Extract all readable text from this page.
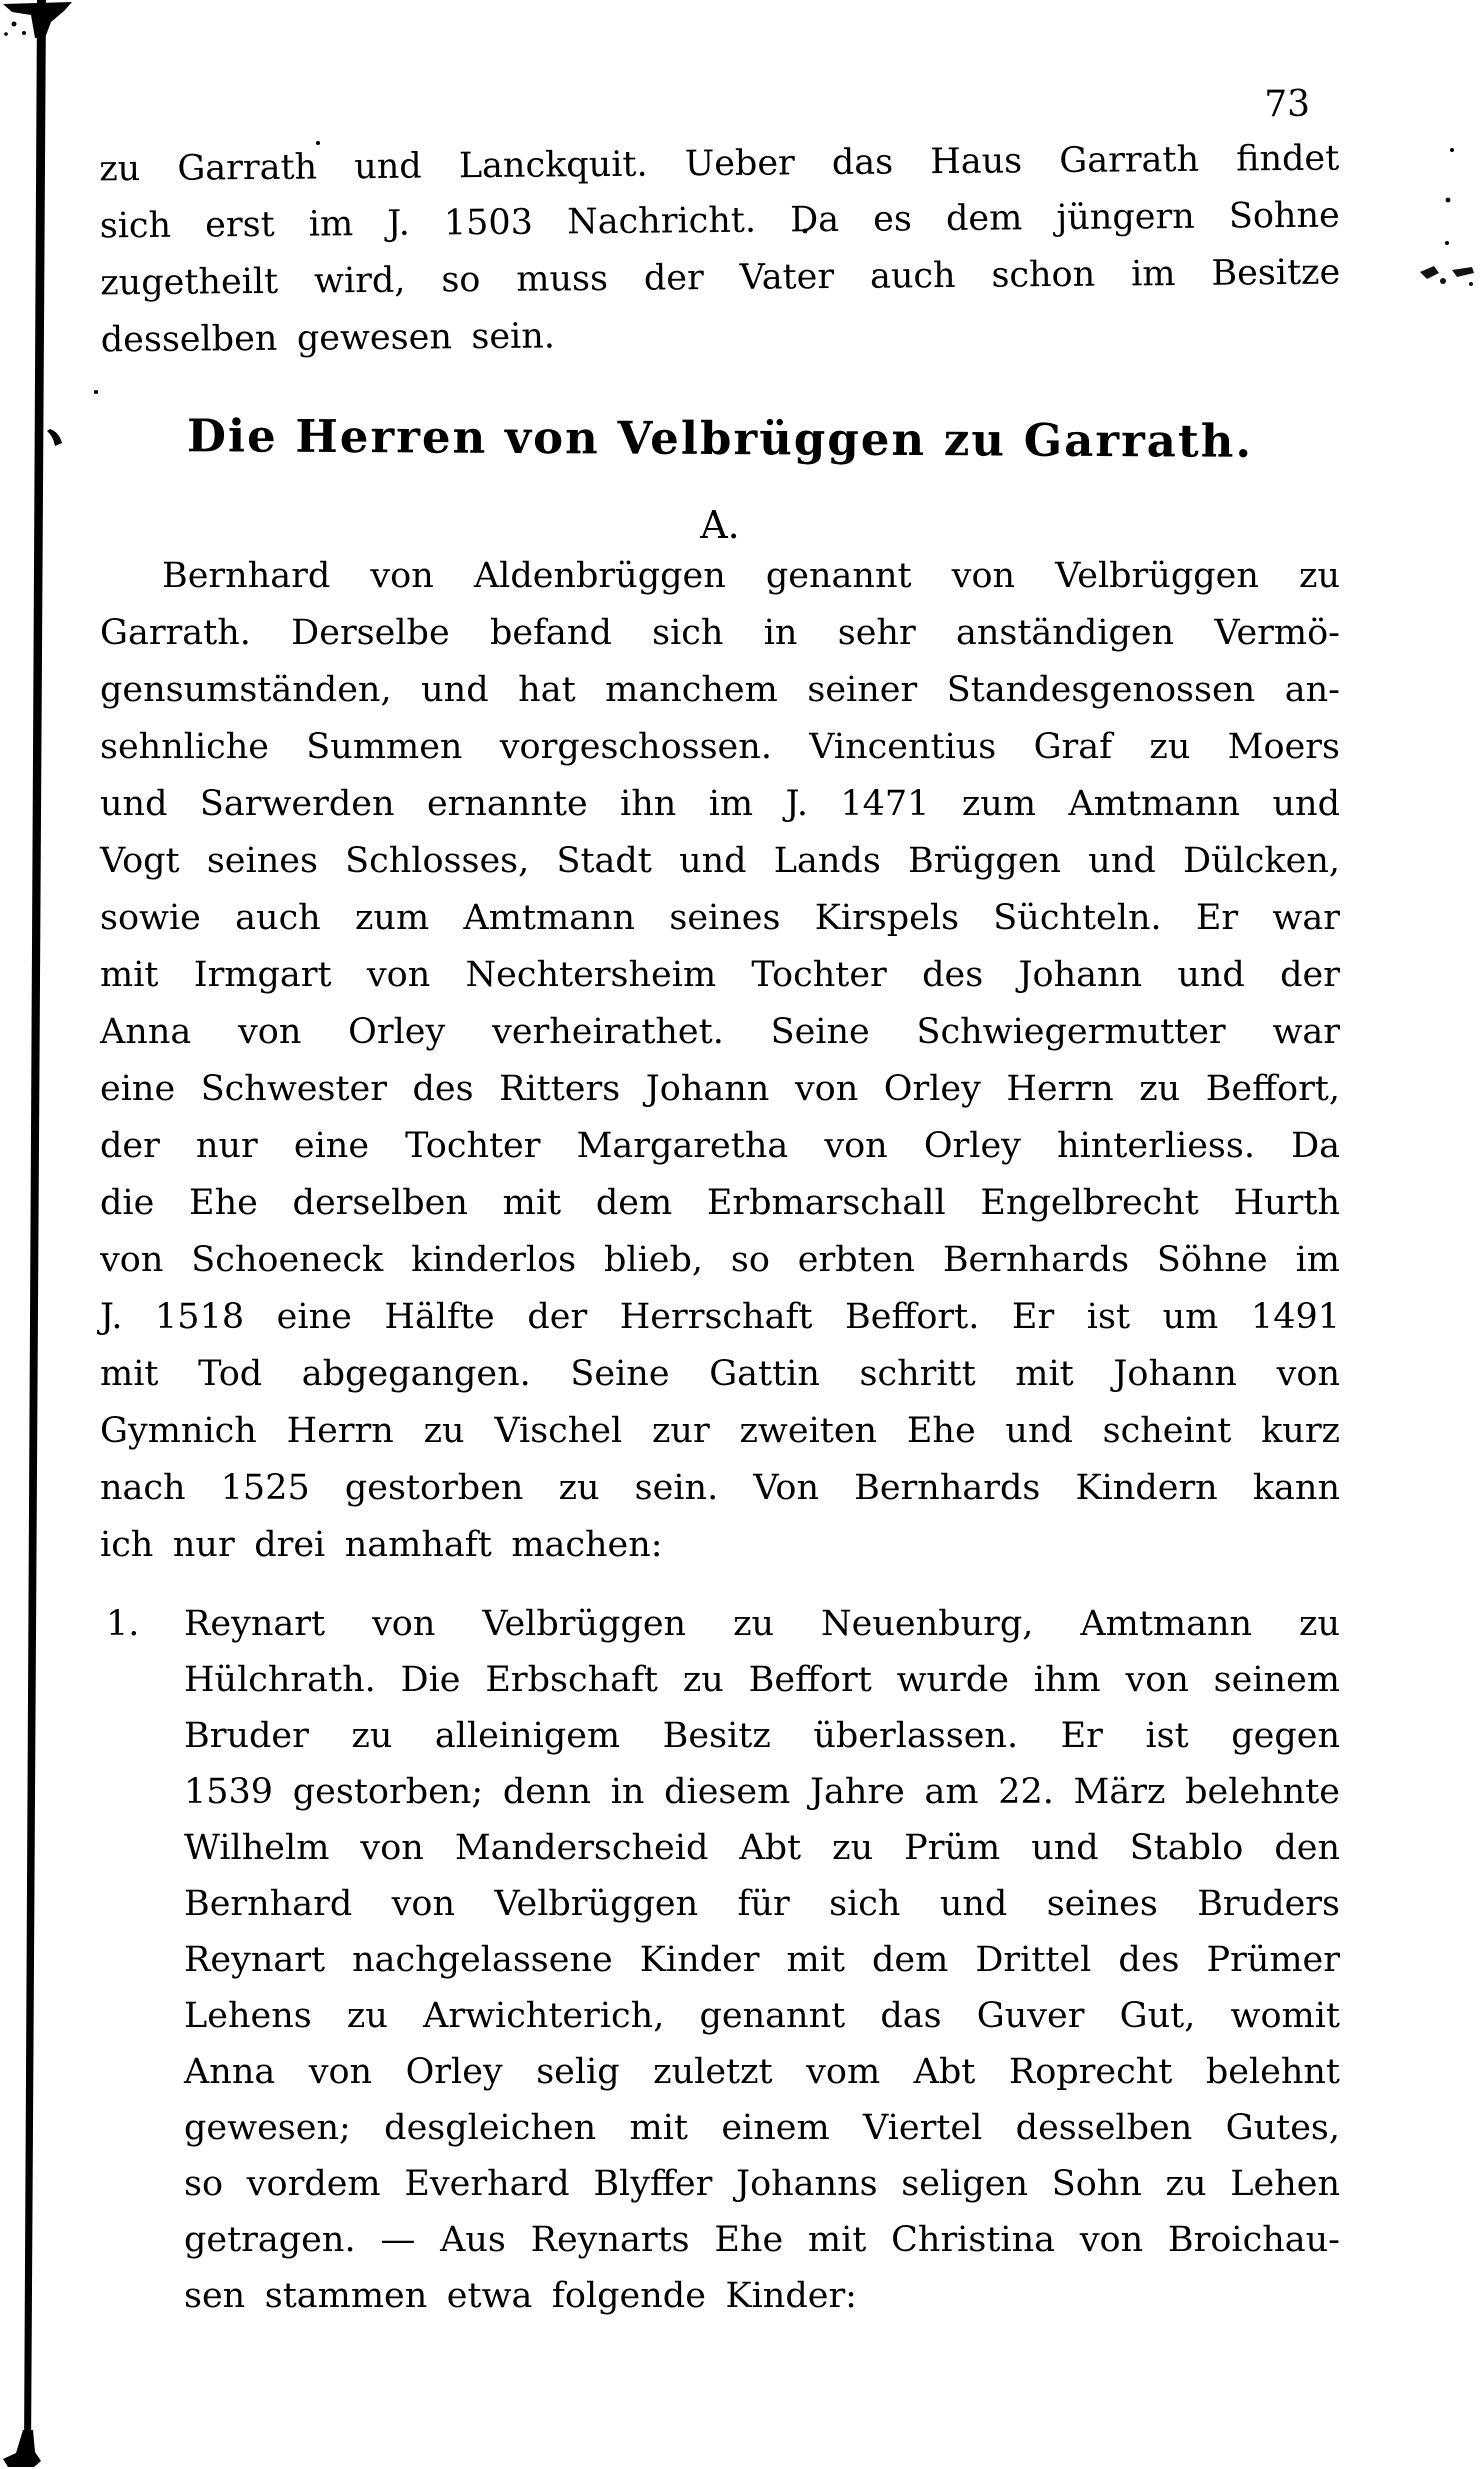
73
zu Garrath und Lanckquit. Ueber das Haus Garrath findet
sich erst im J. 1503 Nachricht. Da es dem jüngern Sohne
zugetheilt wird, so muss der Vater auch schon im Besitze
desselben gewesen sein.
Die Herren von Velbrüggen zu Garrath.
A.
Bernhard von Aldenbrüggen genannt von Velbrüggen zu
Garrath. Derselbe befand sich in sehr anständigen Vermö-
gensumständen, und hat manchem seiner Standesgenossen an-
sehnliche Summen vorgeschossen. Vincentius Graf zu Moers
und Sarwerden ernannte ihn im J. 1471 zum Amtmann und
Vogt seines Schlosses, Stadt und Lands Brüggen und Dülcken,
sowie auch zum Amtmann seines Kirspels Süchteln. Er war
mit Irmgart von Nechtersheim Tochter des Johann und der
Anna von Orley verheirathet. Seine Schwiegermutter war
eine Schwester des Ritters Johann von Orley Herrn zu Beffort,
der nur eine Tochter Margaretha von Orley hinterliess. Da
die Ehe derselben mit dem Erbmarschall Engelbrecht Hurth
von Schoeneck kinderlos blieb, so erbten Bernhards Söhne im
J. 1518 eine Hälfte der Herrschaft Beffort. Er ist um 1491
mit Tod abgegangen. Seine Gattin schritt mit Johann von
Gymnich Herrn zu Vischel zur zweiten Ehe und scheint kurz
nach 1525 gestorben zu sein. Von Bernhards Kindern kann
ich nur drei namhaft machen:
1. Reynart von Velbrüggen zu Neuenburg, Amtmann zu
Hülchrath. Die Erbschaft zu Beffort wurde ihm von seinem
Bruder zu alleinigem Besitz überlassen. Er ist gegen
1539 gestorben; denn in diesem Jahre am 22. März belehnte
Wilhelm von Manderscheid Abt zu Prüm und Stablo den
Bernhard von Velbrüggen für sich und seines Bruders
Reynart nachgelassene Kinder mit dem Drittel des Prümer
Lehens zu Arwichterich, genannt das Guver Gut, womit
Anna von Orley selig zuletzt vom Abt Roprecht belehnt
gewesen; desgleichen mit einem Viertel desselben Gutes,
so vordem Everhard Blyffer Johanns seligen Sohn zu Lehen
getragen. — Aus Reynarts Ehe mit Christina von Broichau-
sen stammen etwa folgende Kinder:
